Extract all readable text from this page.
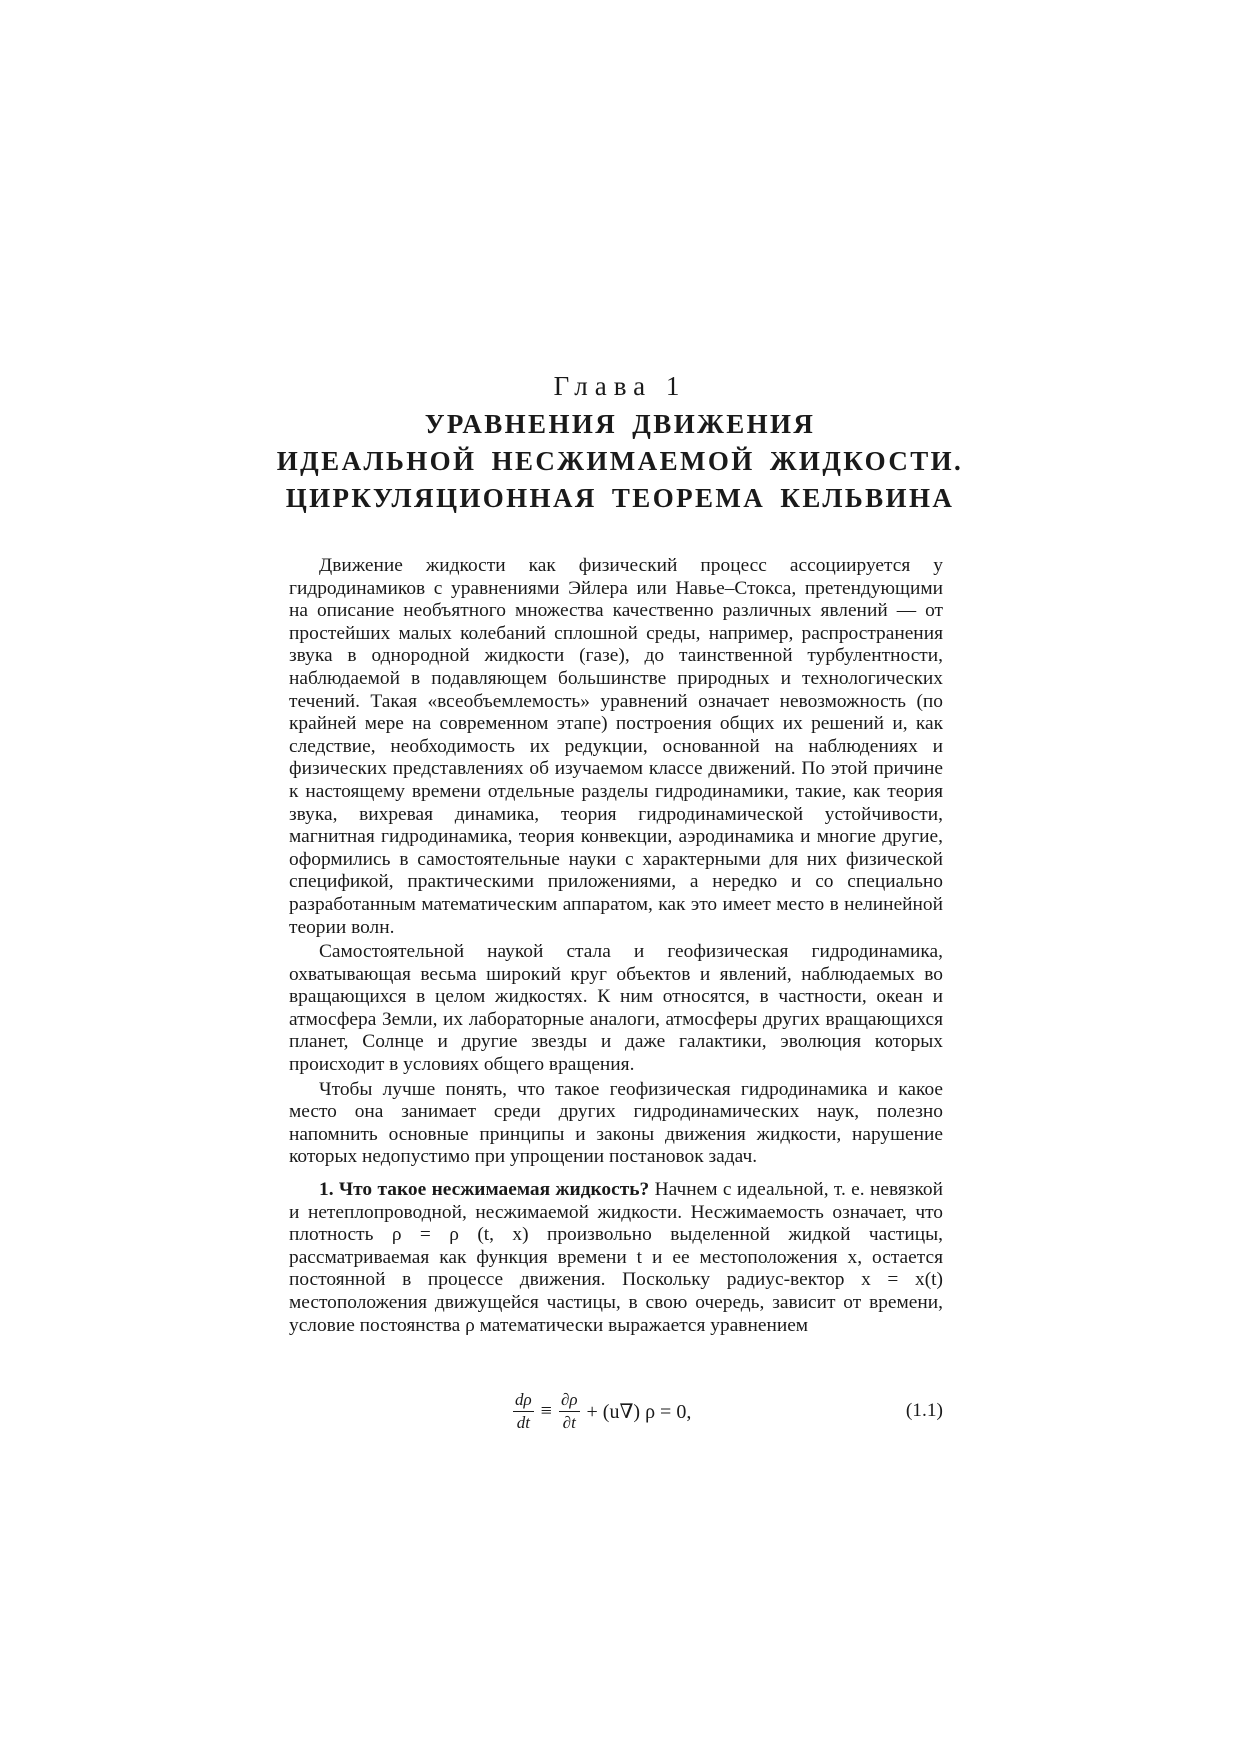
Глава 1
УРАВНЕНИЯ ДВИЖЕНИЯ
ИДЕАЛЬНОЙ НЕСЖИМАЕМОЙ ЖИДКОСТИ.
ЦИРКУЛЯЦИОННАЯ ТЕОРЕМА КЕЛЬВИНА

Движение жидкости как физический процесс ассоциируется у гидродинамиков с уравнениями Эйлера или Навье–Стокса, претендующими на описание необъятного множества качественно различных явлений — от простейших малых колебаний сплошной среды, например, распространения звука в однородной жидкости (газе), до таинственной турбулентности, наблюдаемой в подавляющем большинстве природных и технологических течений. Такая «всеобъемлемость» уравнений означает невозможность (по крайней мере на современном этапе) построения общих их решений и, как следствие, необходимость их редукции, основанной на наблюдениях и физических представлениях об изучаемом классе движений. По этой причине к настоящему времени отдельные разделы гидродинамики, такие, как теория звука, вихревая динамика, теория гидродинамической устойчивости, магнитная гидродинамика, теория конвекции, аэродинамика и многие другие, оформились в самостоятельные науки с характерными для них физической спецификой, практическими приложениями, а нередко и со специально разработанным математическим аппаратом, как это имеет место в нелинейной теории волн.

Самостоятельной наукой стала и геофизическая гидродинамика, охватывающая весьма широкий круг объектов и явлений, наблюдаемых во вращающихся в целом жидкостях. К ним относятся, в частности, океан и атмосфера Земли, их лабораторные аналоги, атмосферы других вращающихся планет, Солнце и другие звезды и даже галактики, эволюция которых происходит в условиях общего вращения.

Чтобы лучше понять, что такое геофизическая гидродинамика и какое место она занимает среди других гидродинамических наук, полезно напомнить основные принципы и законы движения жидкости, нарушение которых недопустимо при упрощении постановок задач.

1. Что такое несжимаемая жидкость? Начнем с идеальной, т. е. невязкой и нетеплопроводной, несжимаемой жидкости. Несжимаемость означает, что плотность ρ = ρ (t, x) произвольно выделенной жидкой частицы, рассматриваемая как функция времени t и ее местоположения x, остается постоянной в процессе движения. Поскольку радиус-вектор x = x(t) местоположения движущейся частицы, в свою очередь, зависит от времени, условие постоянства ρ математически выражается уравнением

$\frac{d\rho}{dt} \equiv \frac{\partial\rho}{\partial t} + (u\nabla) \rho = 0$,	(1.1)
